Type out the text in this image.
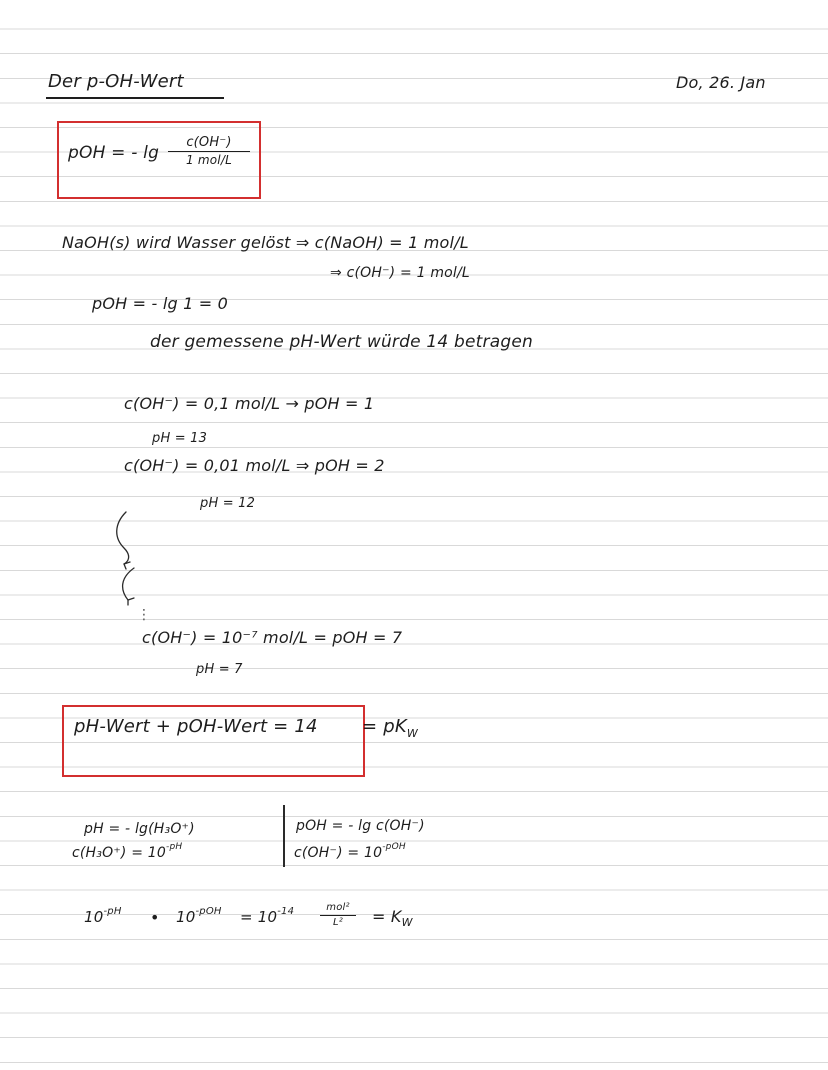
Der p-OH-Wert	Do, 26. Jan
pOH = - lg
c(OH⁻)
1 mol/L
NaOH(s) wird Wasser gelöst ⇒ c(NaOH) = 1 mol/L
⇒ c(OH⁻) = 1 mol/L
pOH = - lg 1 = 0
der gemessene pH-Wert würde 14 betragen
c(OH⁻) = 0,1 mol/L → pOH = 1
pH = 13
c(OH⁻) = 0,01 mol/L ⇒ pOH = 2
pH = 12
⋮
c(OH⁻) = 10⁻⁷ mol/L = pOH = 7
pH = 7
pH-Wert + pOH-Wert = $14 = pK_W$
pH = - lg(H₃O⁺)
$c(H_3O^+) = 10^{-pH}$
pOH = - lg c(OH⁻)
$c(OH^-) = 10^{-pOH}$
$10^{-pH}$ • $10^{-pOH} = 10^{-14}$	mol²
L²	= $K_W$
